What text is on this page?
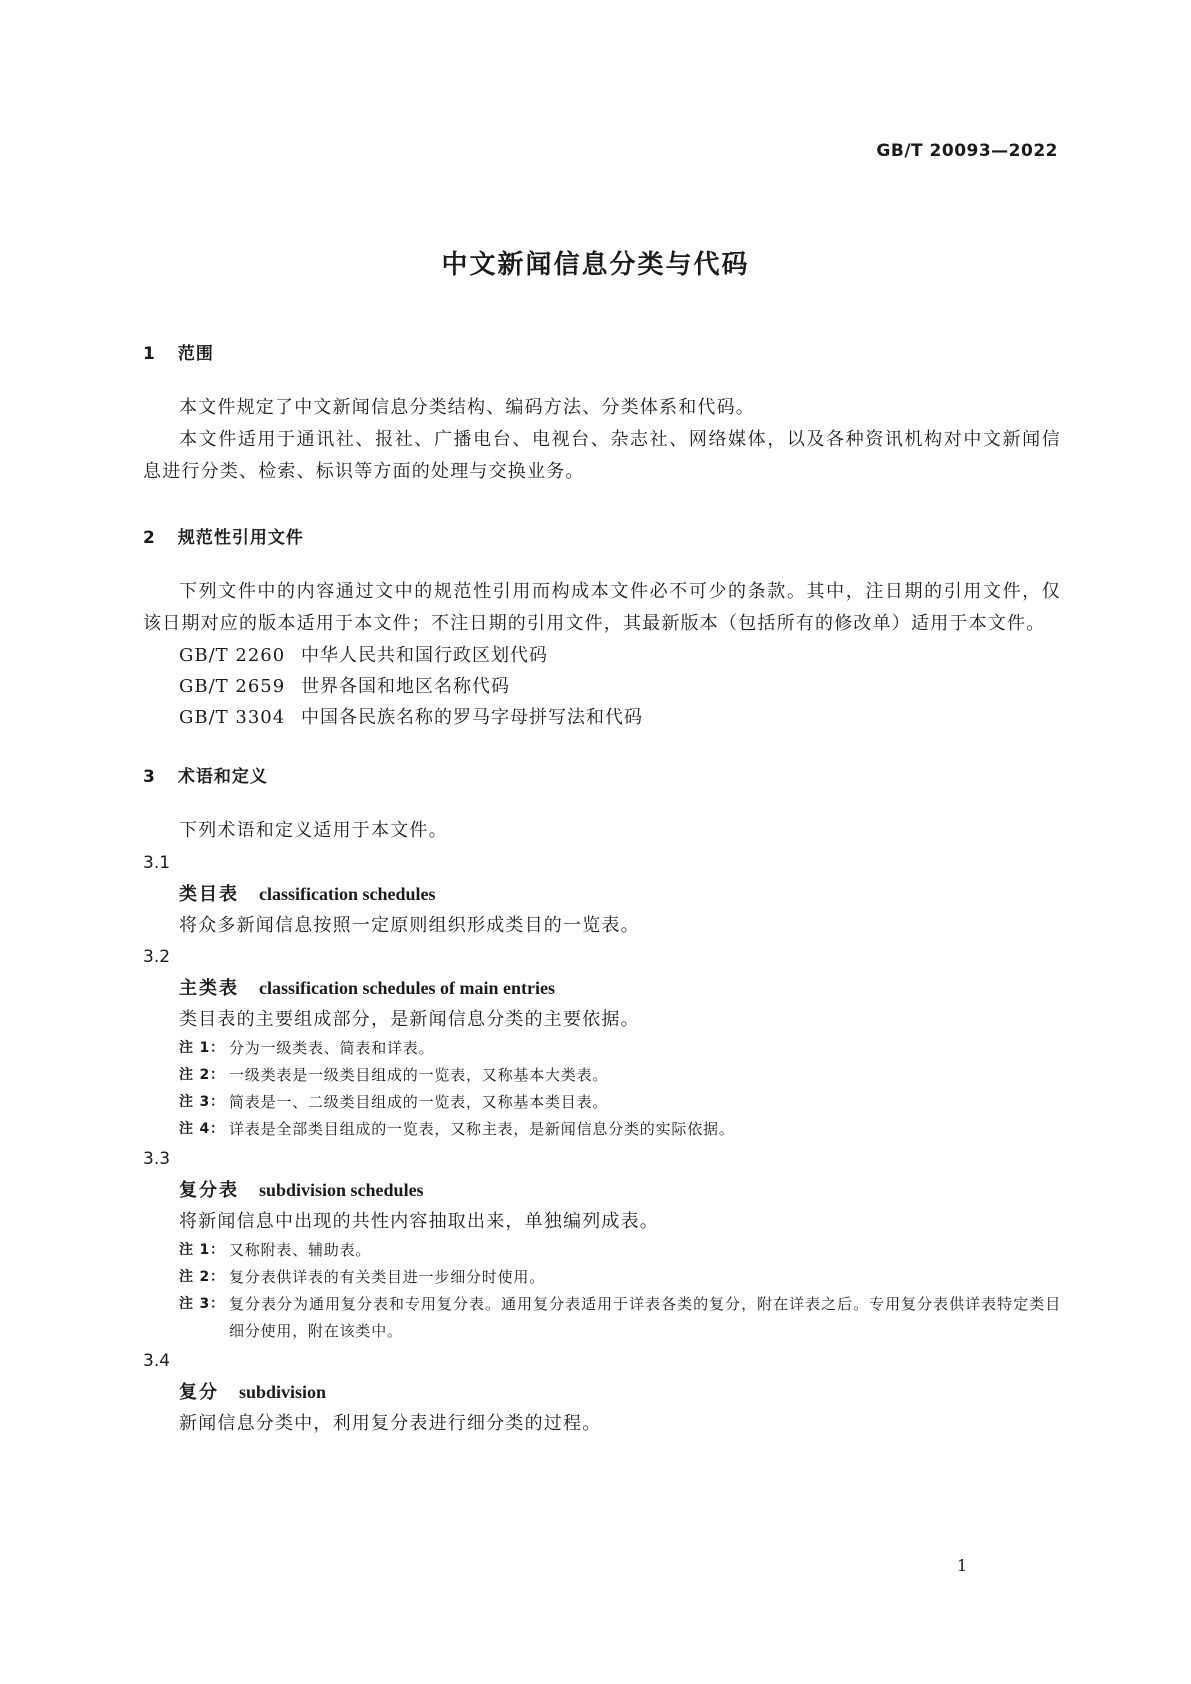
GB/T 20093—2022
中文新闻信息分类与代码
1 范围
本文件规定了中文新闻信息分类结构、编码方法、分类体系和代码。
本文件适用于通讯社、报社、广播电台、电视台、杂志社、网络媒体，以及各种资讯机构对中文新闻信息进行分类、检索、标识等方面的处理与交换业务。
2 规范性引用文件
下列文件中的内容通过文中的规范性引用而构成本文件必不可少的条款。其中，注日期的引用文件，仅该日期对应的版本适用于本文件；不注日期的引用文件，其最新版本（包括所有的修改单）适用于本文件。
GB/T 2260 中华人民共和国行政区划代码
GB/T 2659 世界各国和地区名称代码
GB/T 3304 中国各民族名称的罗马字母拼写法和代码
3 术语和定义
下列术语和定义适用于本文件。
3.1
类目表 classification schedules
将众多新闻信息按照一定原则组织形成类目的一览表。
3.2
主类表 classification schedules of main entries
类目表的主要组成部分，是新闻信息分类的主要依据。
注 1： 分为一级类表、简表和详表。
注 2： 一级类表是一级类目组成的一览表，又称基本大类表。
注 3： 简表是一、二级类目组成的一览表，又称基本类目表。
注 4： 详表是全部类目组成的一览表，又称主表，是新闻信息分类的实际依据。
3.3
复分表 subdivision schedules
将新闻信息中出现的共性内容抽取出来，单独编列成表。
注 1： 又称附表、辅助表。
注 2： 复分表供详表的有关类目进一步细分时使用。
注 3： 复分表分为通用复分表和专用复分表。通用复分表适用于详表各类的复分，附在详表之后。专用复分表供详表特定类目细分使用，附在该类中。
3.4
复分 subdivision
新闻信息分类中，利用复分表进行细分类的过程。
1
